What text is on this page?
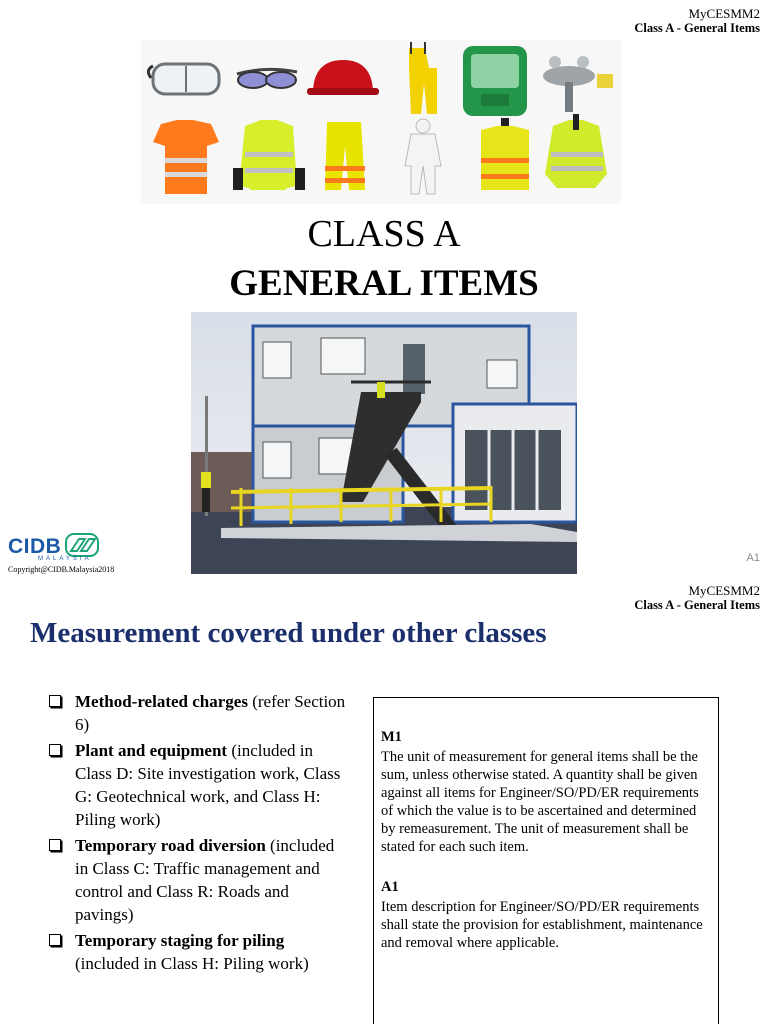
MyCESMM2
Class A - General Items
CLASS A
GENERAL ITEMS
CIDB
MALAYSIA
Copyright@CIDB.Malaysia2018
A1
MyCESMM2
Class A - General Items
Measurement covered under other classes
Method-related charges (refer Section 6)
Plant and equipment (included in Class D: Site investigation work, Class G: Geotechnical work, and Class H: Piling work)
Temporary road diversion (included in Class C: Traffic management and control and Class R: Roads and pavings)
Temporary staging for piling (included in Class H: Piling work)
M1

The unit of measurement for general items shall be the sum, unless otherwise stated. A quantity shall be given against all items for Engineer/SO/PD/ER requirements of which the value is to be ascertained and determined by remeasurement. The unit of measurement shall be stated for each such item.

A1

Item description for Engineer/SO/PD/ER requirements shall state the provision for establishment, maintenance and removal where applicable.
